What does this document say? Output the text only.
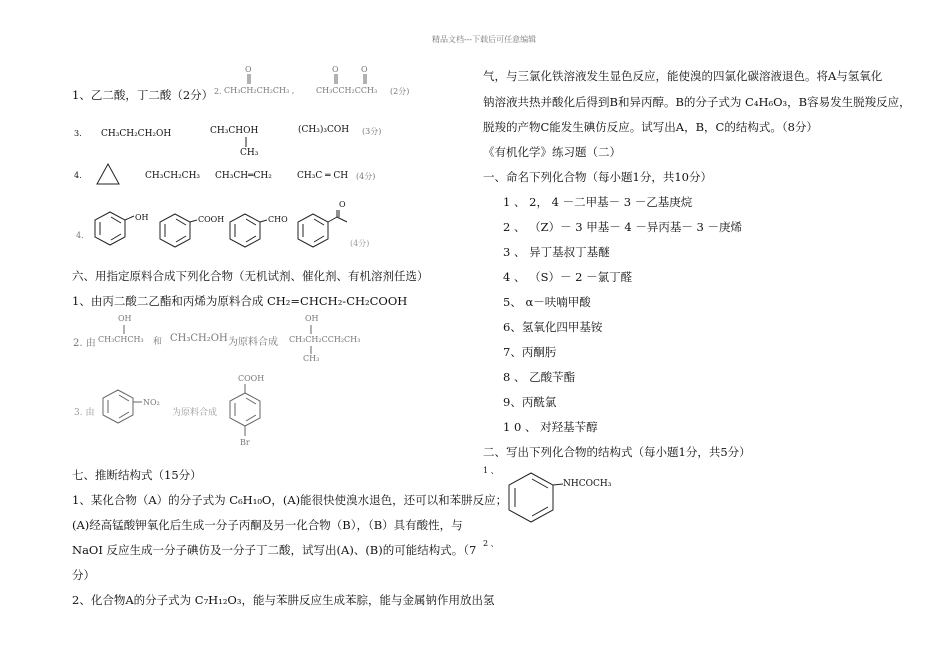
精品文档---下载后可任意编辑
1、乙二酸，丁二酸（2分） 2.
O
CH₃CH₂CH₂CH₃ ,
O	O
CH₃CCH₂CCH₃ (2分)
3. CH₃CH₂CH₂OH	CH₃CHOH
CH₃
(CH₃)₃COH (3分)
4.	CH₃CH₂CH₃ CH₃CH═CH₂	CH₃C ═ CH (4分)
4.
OH	COOH	CHO
O
(4分)
六、用指定原料合成下列化合物（无机试剂、催化剂、有机溶剂任选）
1、由丙二酸二乙酯和丙烯为原料合成 CH₂=CHCH₂-CH₂COOH
OH
2. 由 CH₃CHCH₃ 和 CH₃CH₂OH 为原料合成
OH
CH₃CH₂CCH₂CH₃
CH₃
3. 由
NO₂
为原料合成
COOH
Br
七、推断结构式（15分）
1、某化合物（A）的分子式为 C₆H₁₀O，(A)能很快使溴水退色，还可以和苯肼反应；
(A)经高锰酸钾氧化后生成一分子丙酮及另一化合物（B），（B）具有酸性，与
NaOI 反应生成一分子碘仿及一分子丁二酸，试写出(A)、(B)的可能结构式。（7
分）
2、化合物A的分子式为 C₇H₁₂O₃，能与苯肼反应生成苯腙，能与金属钠作用放出氢
气，与三氯化铁溶液发生显色反应，能使溴的四氯化碳溶液退色。将A与氢氧化
钠溶液共热并酸化后得到B和异丙醇。B的分子式为 C₄H₆O₃，B容易发生脱羧反应，
脱羧的产物C能发生碘仿反应。试写出A，B，C的结构式。（8分）
《有机化学》练习题（二）
一、命名下列化合物（每小题1分，共10分）
1 、 2， 4 －二甲基－ 3 －乙基庚烷
2 、 （Z）－ 3 甲基－ 4 －异丙基－ 3 －庚烯
3 、 异丁基叔丁基醚
4 、 （S）－ 2 －氯丁醛
5、 α－呋喃甲酸
6、氢氧化四甲基铵
7、丙酮肟
8 、 乙酸苄酯
9、丙酰氯
1 0 、 对羟基苄醇
二、写出下列化合物的结构式（每小题1分，共5分）
1 、
NHCOCH₃
2 、
